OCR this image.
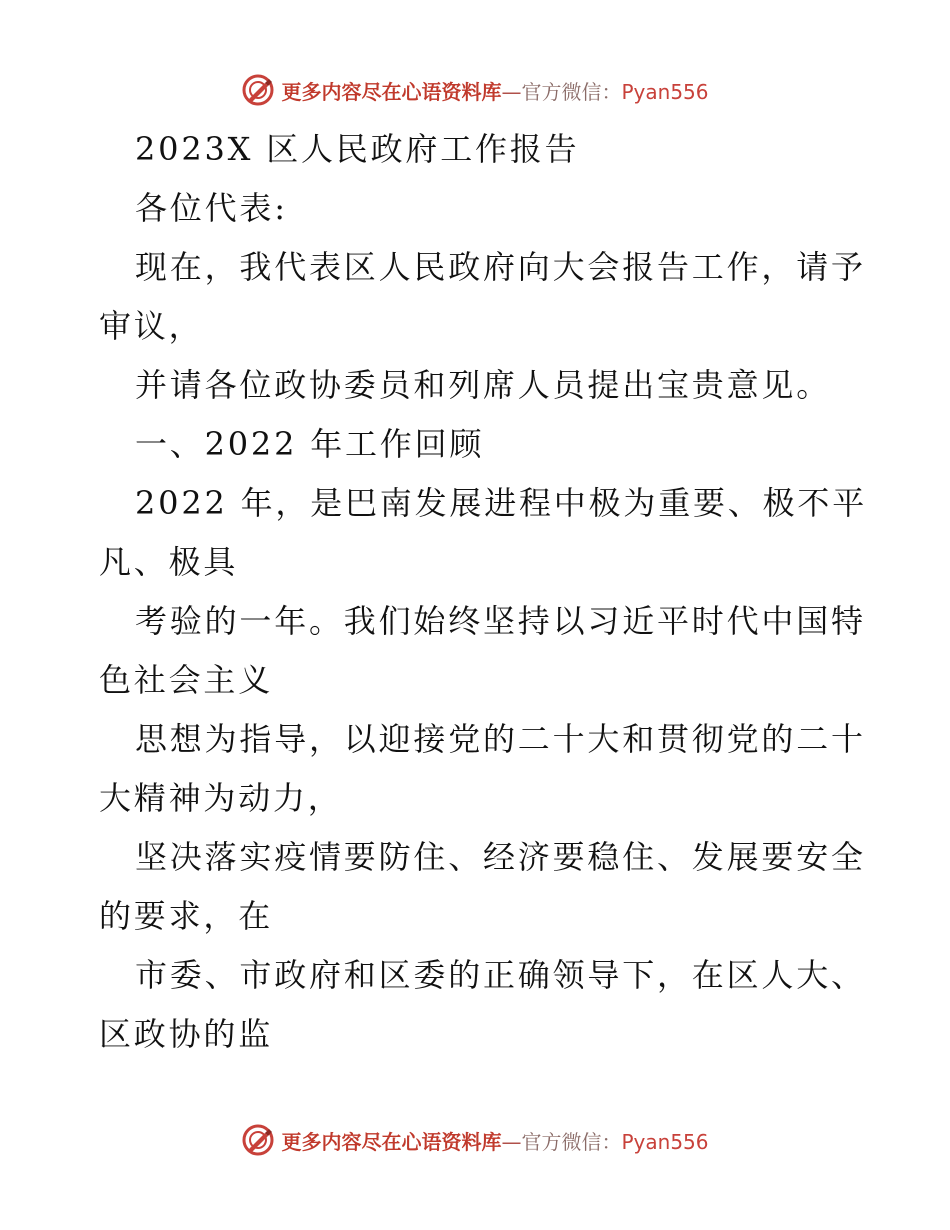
更多内容尽在心语资料库—官方微信：Pyan556
2023X 区人民政府工作报告
各位代表:
现在，我代表区人民政府向大会报告工作，请予
审议，
并请各位政协委员和列席人员提出宝贵意见。
一、2022 年工作回顾
2022 年，是巴南发展进程中极为重要、极不平
凡、极具
考验的一年。我们始终坚持以习近平时代中国特
色社会主义
思想为指导，以迎接党的二十大和贯彻党的二十
大精神为动力，
坚决落实疫情要防住、经济要稳住、发展要安全
的要求，在
市委、市政府和区委的正确领导下，在区人大、
区政协的监
更多内容尽在心语资料库—官方微信：Pyan556
